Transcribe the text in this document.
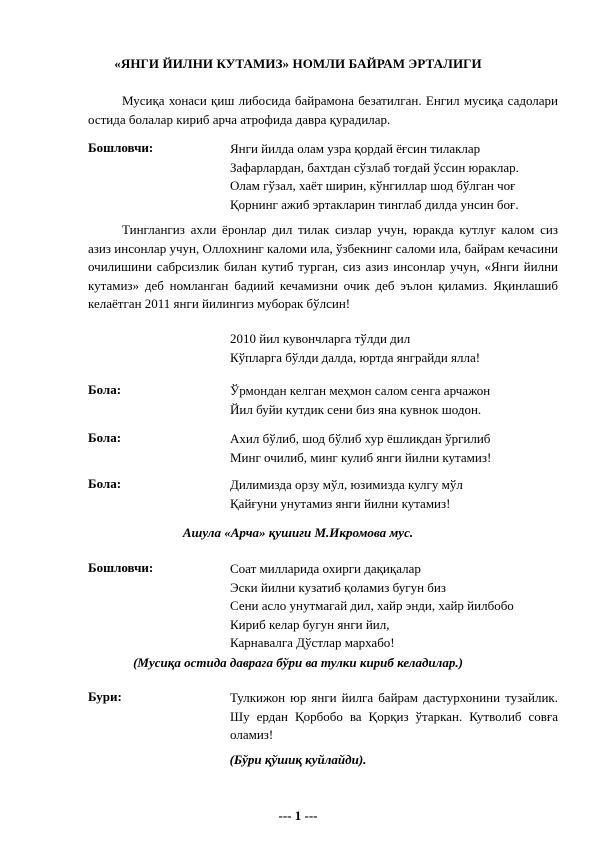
«ЯНГИ ЙИЛНИ КУТАМИЗ» НОМЛИ БАЙРАМ ЭРТАЛИГИ

Мусиқа хонаси қиш либосида байрамона безатилган. Енгил мусиқа садолари остида болалар кириб арча атрофида давра қурадилар.

Бошловчи:	Янги йилда олам узра қордай ёғсин тилаклар
Зафарлардан, бахтдан сўзлаб тоғдай ўссин юраклар.
Олам гўзал, хаёт ширин, кўнгиллар шод бўлган чоғ
Қорнинг ажиб эртакларин тинглаб дилда унсин боғ.

Тинглангиз ахли ёронлар дил тилак сизлар учун, юракда кутлуғ калом сиз азиз инсонлар учун, Оллохнинг каломи ила, ўзбекнинг саломи ила, байрам кечасини очилишини сабрсизлик билан кутиб турган, сиз азиз инсонлар учун, «Янги йилни кутамиз» деб номланган бадиий кечамизни очик деб эълон қиламиз. Яқинлашиб келаётган 2011 янги йилингиз муборак бўлсин!

2010 йил кувончларга тўлди дил
Кўпларга бўлди далда, юртда янграйди ялла!
Бола:	Ўрмондан келган меҳмон салом сенга арчажон
Йил буйи кутдик сени биз яна кувнок шодон.
Бола:	Ахил бўлиб, шод бўлиб хур ёшликдан ўргилиб
Минг очилиб, минг кулиб янги йилни кутамиз!
Бола:	Дилимизда орзу мўл, юзимизда кулгу мўл
Қайғуни унутамиз янги йилни кутамиз!
Ашула «Арча» қушиғи М.Икромова мус.
Бошловчи:	Соат милларида охирги дақиқалар
Эски йилни кузатиб қоламиз бугун биз
Сени асло унутмагай дил, хайр энди, хайр йилбобо
Кириб келар бугун янги йил,
Карнавалга Дўстлар мархабо!
(Мусиқа остида даврага бўри ва тулки кириб келадилар.)
Бури:	Тулкижон юр янги йилга байрам дастурхонини тузайлик. Шу ердан Қорбобо ва Қорқиз ўтаркан. Кутволиб совға оламиз!
(Бўри қўшиқ куйлайди).
--- 1 ---
